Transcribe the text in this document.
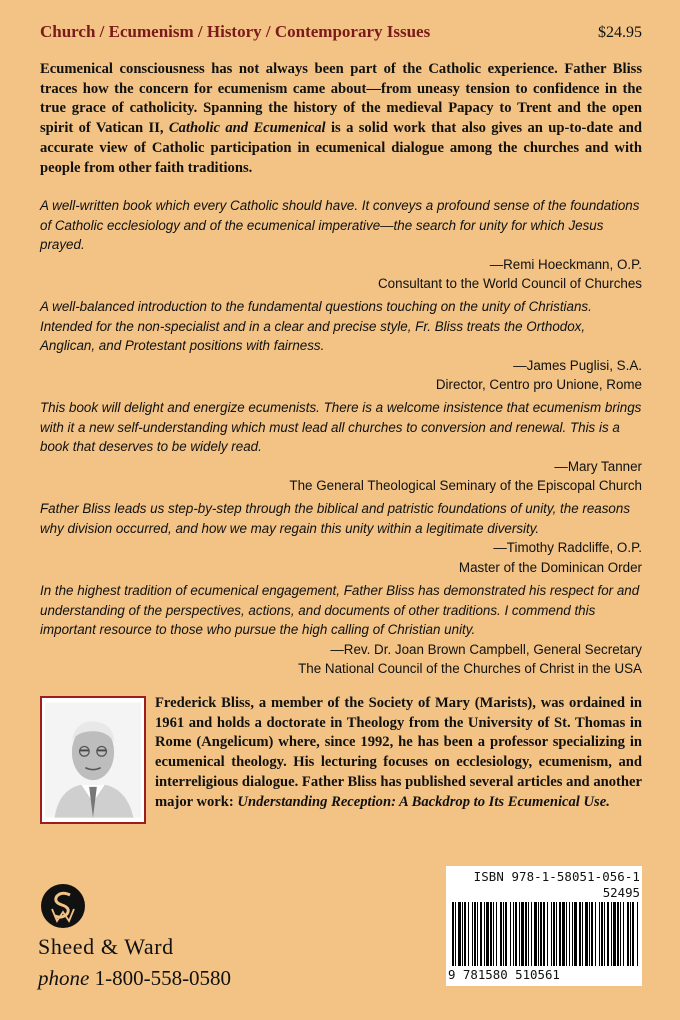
Church / Ecumenism / History / Contemporary Issues	$24.95
Ecumenical consciousness has not always been part of the Catholic experience. Father Bliss traces how the concern for ecumenism came about—from uneasy tension to confidence in the true grace of catholicity. Spanning the history of the medieval Papacy to Trent and the open spirit of Vatican II, Catholic and Ecumenical is a solid work that also gives an up-to-date and accurate view of Catholic participation in ecumenical dialogue among the churches and with people from other faith traditions.

A well-written book which every Catholic should have. It conveys a profound sense of the foundations of Catholic ecclesiology and of the ecumenical imperative—the search for unity for which Jesus prayed.

—Remi Hoeckmann, O.P.

Consultant to the World Council of Churches

A well-balanced introduction to the fundamental questions touching on the unity of Christians. Intended for the non-specialist and in a clear and precise style, Fr. Bliss treats the Orthodox, Anglican, and Protestant positions with fairness.

—James Puglisi, S.A.

Director, Centro pro Unione, Rome

This book will delight and energize ecumenists. There is a welcome insistence that ecumenism brings with it a new self-understanding which must lead all churches to conversion and renewal. This is a book that deserves to be widely read.

—Mary Tanner

The General Theological Seminary of the Episcopal Church

Father Bliss leads us step-by-step through the biblical and patristic foundations of unity, the reasons why division occurred, and how we may regain this unity within a legitimate diversity.

—Timothy Radcliffe, O.P.

Master of the Dominican Order

In the highest tradition of ecumenical engagement, Father Bliss has demonstrated his respect for and understanding of the perspectives, actions, and documents of other traditions. I commend this important resource to those who pursue the high calling of Christian unity.

—Rev. Dr. Joan Brown Campbell, General Secretary

The National Council of the Churches of Christ in the USA

Frederick Bliss, a member of the Society of Mary (Marists), was ordained in 1961 and holds a doctorate in Theology from the University of St. Thomas in Rome (Angelicum) where, since 1992, he has been a professor specializing in ecumenical theology. His lecturing focuses on ecclesiology, ecumenism, and interreligious dialogue. Father Bliss has published several articles and another major work: Understanding Reception: A Backdrop to Its Ecumenical Use.
Sheed & Ward
phone 1-800-558-0580
ISBN 978-1-58051-056-1
52495
9 781580 510561
